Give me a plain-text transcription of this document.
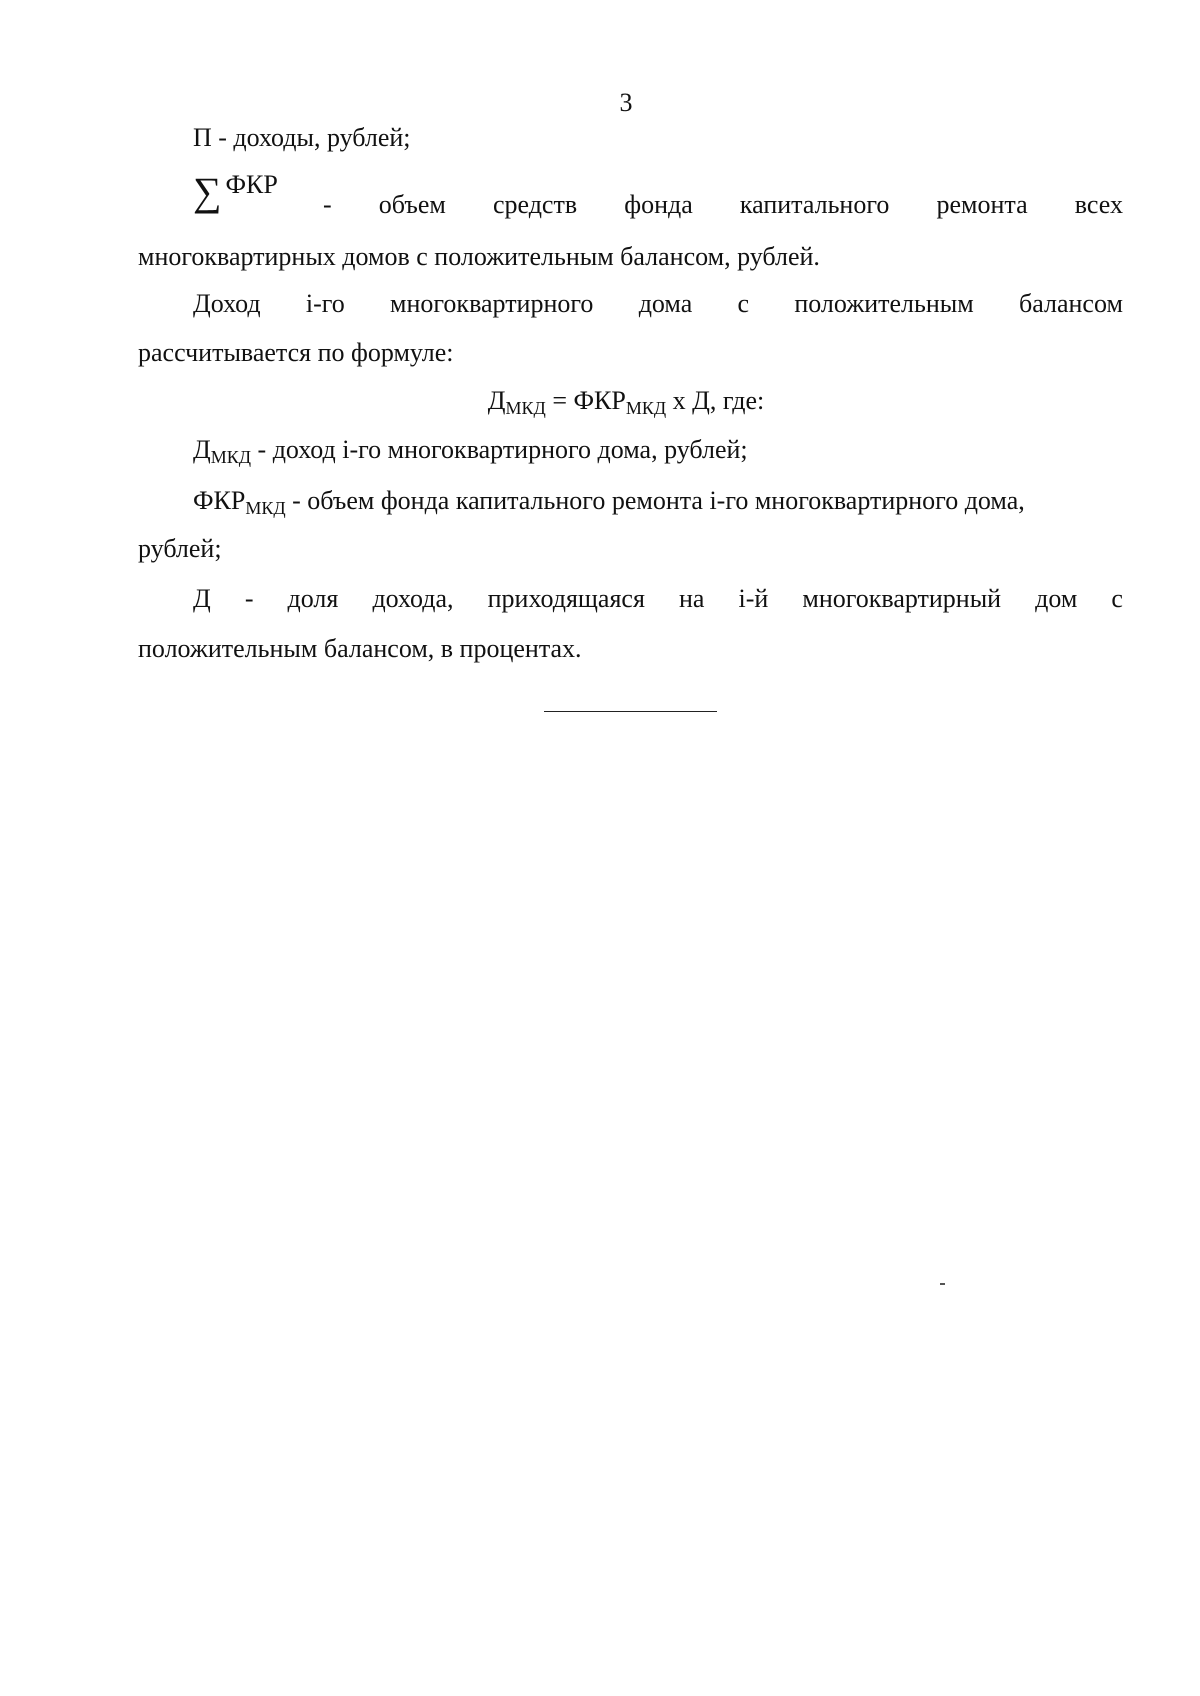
3
П - доходы, рублей;
∑ ФКР
- объем средств фонда капитального ремонта всех
многоквартирных домов с положительным балансом, рублей.
Доход i-го многоквартирного дома с положительным балансом
рассчитывается по формуле:
ДМКД = ФКРМКД х Д, где:
ДМКД - доход i-го многоквартирного дома, рублей;
ФКРМКД - объем фонда капитального ремонта i-го многоквартирного дома,
рублей;
Д - доля дохода, приходящаяся на i-й многоквартирный дом с
положительным балансом, в процентах.
